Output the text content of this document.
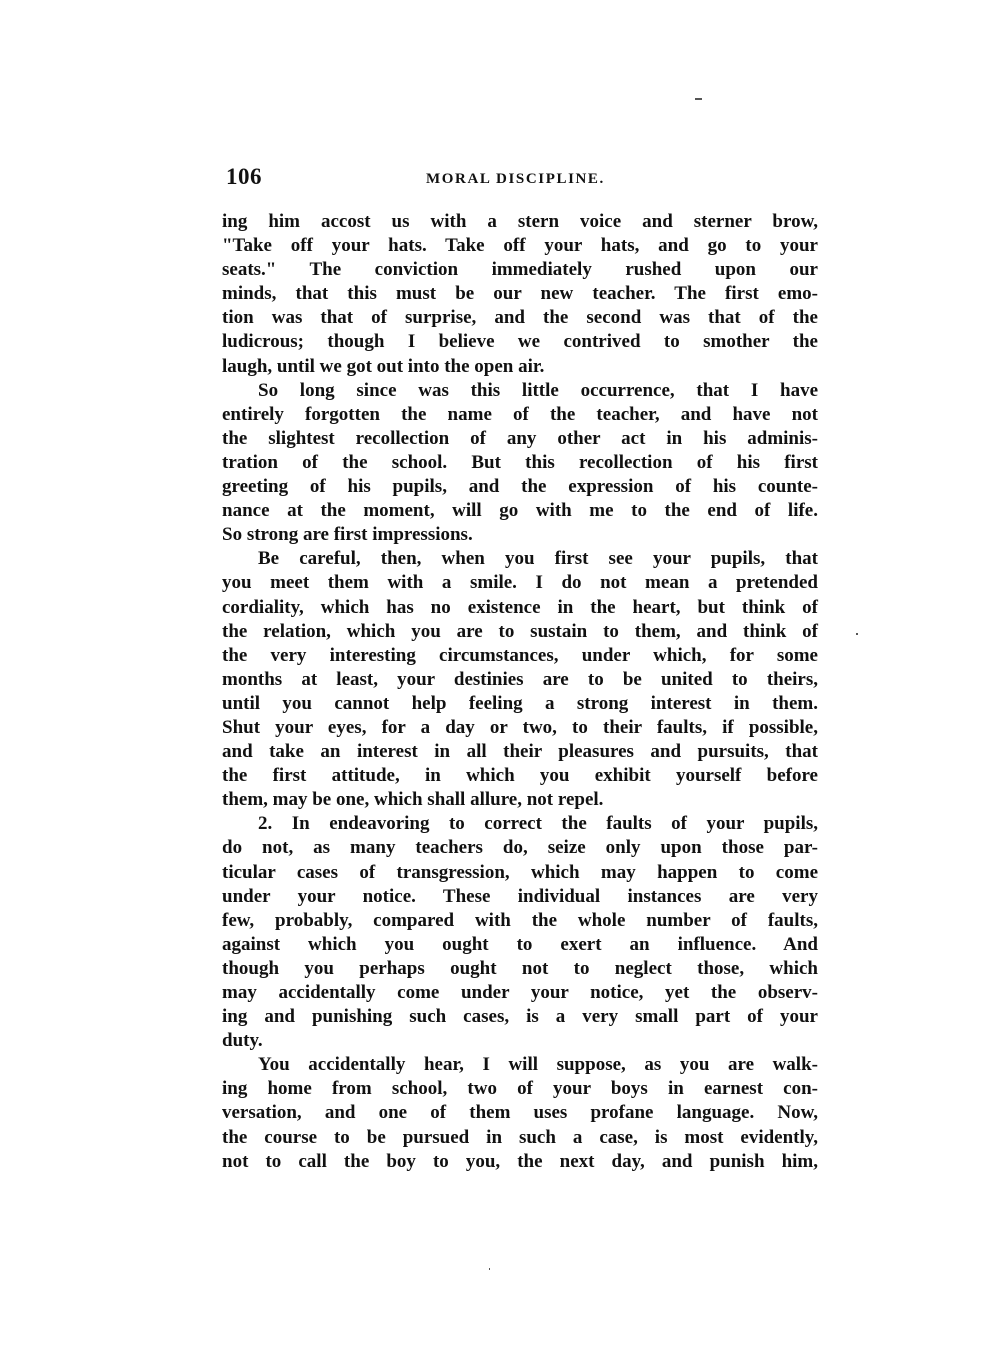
106	MORAL DISCIPLINE.
ing him accost us with a stern voice and sterner brow,
"Take off your hats. Take off your hats, and go to your
seats." The conviction immediately rushed upon our
minds, that this must be our new teacher. The first emo-
tion was that of surprise, and the second was that of the
ludicrous; though I believe we contrived to smother the
laugh, until we got out into the open air.
So long since was this little occurrence, that I have
entirely forgotten the name of the teacher, and have not
the slightest recollection of any other act in his adminis-
tration of the school. But this recollection of his first
greeting of his pupils, and the expression of his counte-
nance at the moment, will go with me to the end of life.
So strong are first impressions.
Be careful, then, when you first see your pupils, that
you meet them with a smile. I do not mean a pretended
cordiality, which has no existence in the heart, but think of
the relation, which you are to sustain to them, and think of
the very interesting circumstances, under which, for some
months at least, your destinies are to be united to theirs,
until you cannot help feeling a strong interest in them.
Shut your eyes, for a day or two, to their faults, if possible,
and take an interest in all their pleasures and pursuits, that
the first attitude, in which you exhibit yourself before
them, may be one, which shall allure, not repel.
2. In endeavoring to correct the faults of your pupils,
do not, as many teachers do, seize only upon those par-
ticular cases of transgression, which may happen to come
under your notice. These individual instances are very
few, probably, compared with the whole number of faults,
against which you ought to exert an influence. And
though you perhaps ought not to neglect those, which
may accidentally come under your notice, yet the observ-
ing and punishing such cases, is a very small part of your
duty.
You accidentally hear, I will suppose, as you are walk-
ing home from school, two of your boys in earnest con-
versation, and one of them uses profane language. Now,
the course to be pursued in such a case, is most evidently,
not to call the boy to you, the next day, and punish him,
